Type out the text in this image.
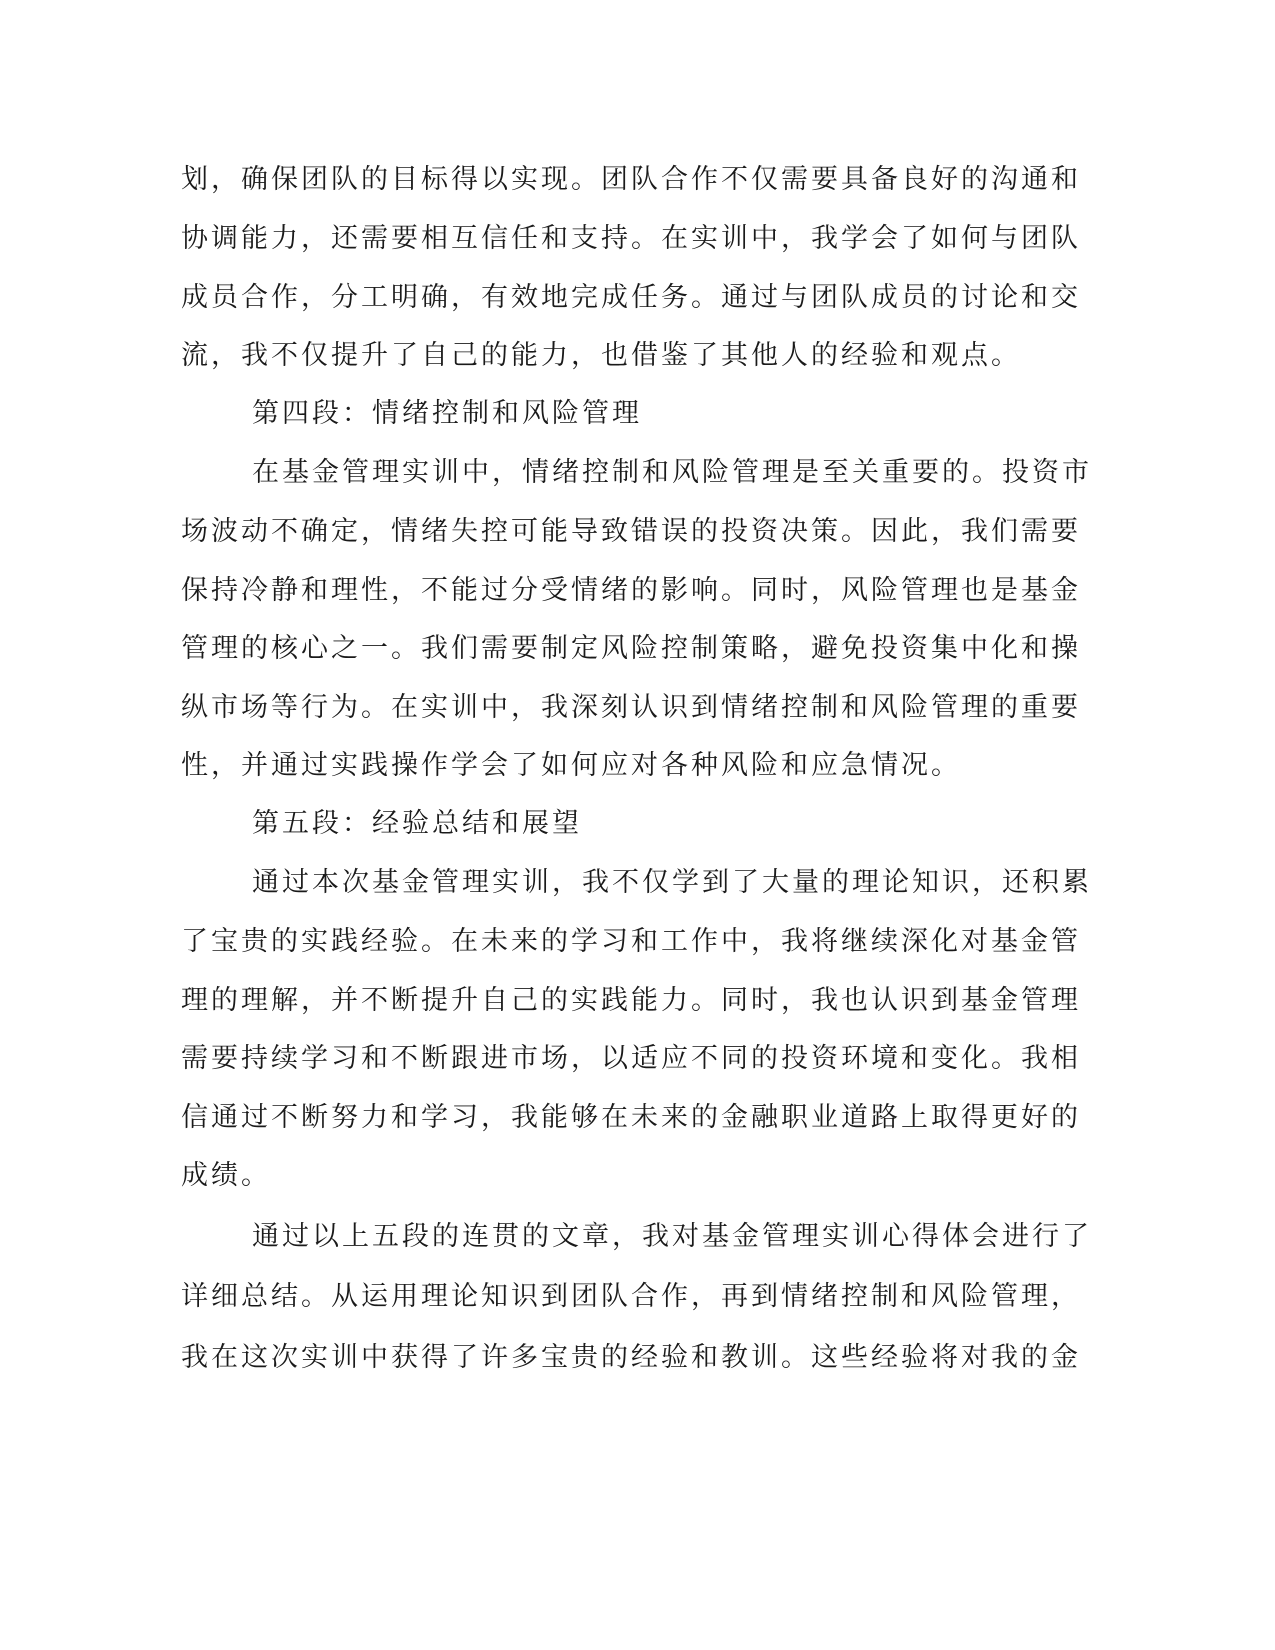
划，确保团队的目标得以实现。团队合作不仅需要具备良好的沟通和
协调能力，还需要相互信任和支持。在实训中，我学会了如何与团队
成员合作，分工明确，有效地完成任务。通过与团队成员的讨论和交
流，我不仅提升了自己的能力，也借鉴了其他人的经验和观点。
第四段：情绪控制和风险管理
在基金管理实训中，情绪控制和风险管理是至关重要的。投资市
场波动不确定，情绪失控可能导致错误的投资决策。因此，我们需要
保持冷静和理性，不能过分受情绪的影响。同时，风险管理也是基金
管理的核心之一。我们需要制定风险控制策略，避免投资集中化和操
纵市场等行为。在实训中，我深刻认识到情绪控制和风险管理的重要
性，并通过实践操作学会了如何应对各种风险和应急情况。
第五段：经验总结和展望
通过本次基金管理实训，我不仅学到了大量的理论知识，还积累
了宝贵的实践经验。在未来的学习和工作中，我将继续深化对基金管
理的理解，并不断提升自己的实践能力。同时，我也认识到基金管理
需要持续学习和不断跟进市场，以适应不同的投资环境和变化。我相
信通过不断努力和学习，我能够在未来的金融职业道路上取得更好的
成绩。
通过以上五段的连贯的文章，我对基金管理实训心得体会进行了
详细总结。从运用理论知识到团队合作，再到情绪控制和风险管理，
我在这次实训中获得了许多宝贵的经验和教训。这些经验将对我的金
